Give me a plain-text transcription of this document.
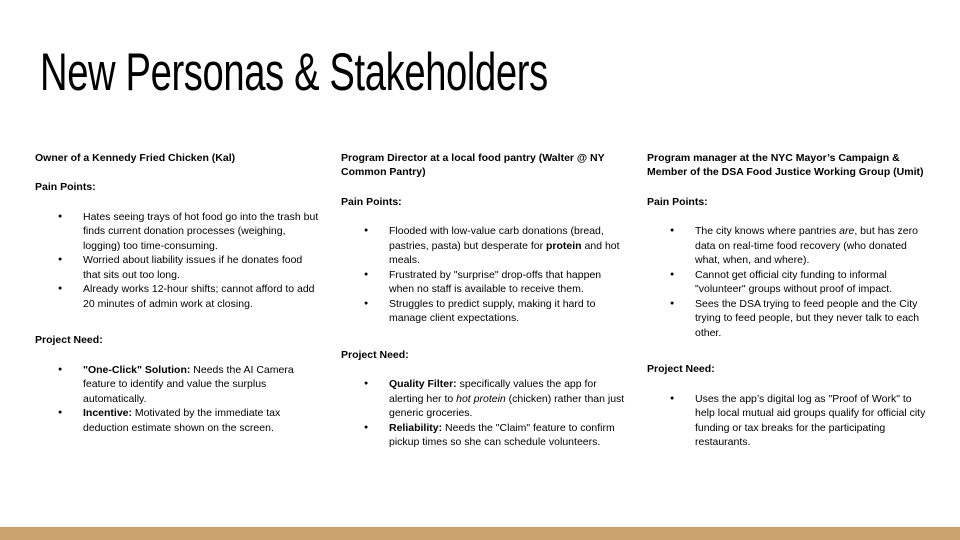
New Personas & Stakeholders

Owner of a Kennedy Fried Chicken (Kal)

Pain Points:

● Hates seeing trays of hot food go into the trash but finds current donation processes (weighing, logging) too time-consuming.
● Worried about liability issues if he donates food that sits out too long.
● Already works 12-hour shifts; cannot afford to add 20 minutes of admin work at closing.

Project Need:

● "One-Click" Solution: Needs the AI Camera feature to identify and value the surplus automatically.
● Incentive: Motivated by the immediate tax deduction estimate shown on the screen.

Program Director at a local food pantry (Walter @ NY Common Pantry)

Pain Points:

● Flooded with low-value carb donations (bread, pastries, pasta) but desperate for protein and hot meals.
● Frustrated by "surprise" drop-offs that happen when no staff is available to receive them.
● Struggles to predict supply, making it hard to manage client expectations.

Project Need:

● Quality Filter: specifically values the app for alerting her to hot protein (chicken) rather than just generic groceries.
● Reliability: Needs the "Claim" feature to confirm pickup times so she can schedule volunteers.

Program manager at the NYC Mayor’s Campaign & Member of the DSA Food Justice Working Group (Umit)

Pain Points:

● The city knows where pantries are, but has zero data on real-time food recovery (who donated what, when, and where).
● Cannot get official city funding to informal "volunteer" groups without proof of impact.
● Sees the DSA trying to feed people and the City trying to feed people, but they never talk to each other.

Project Need:

● Uses the app’s digital log as "Proof of Work" to help local mutual aid groups qualify for official city funding or tax breaks for the participating restaurants.
